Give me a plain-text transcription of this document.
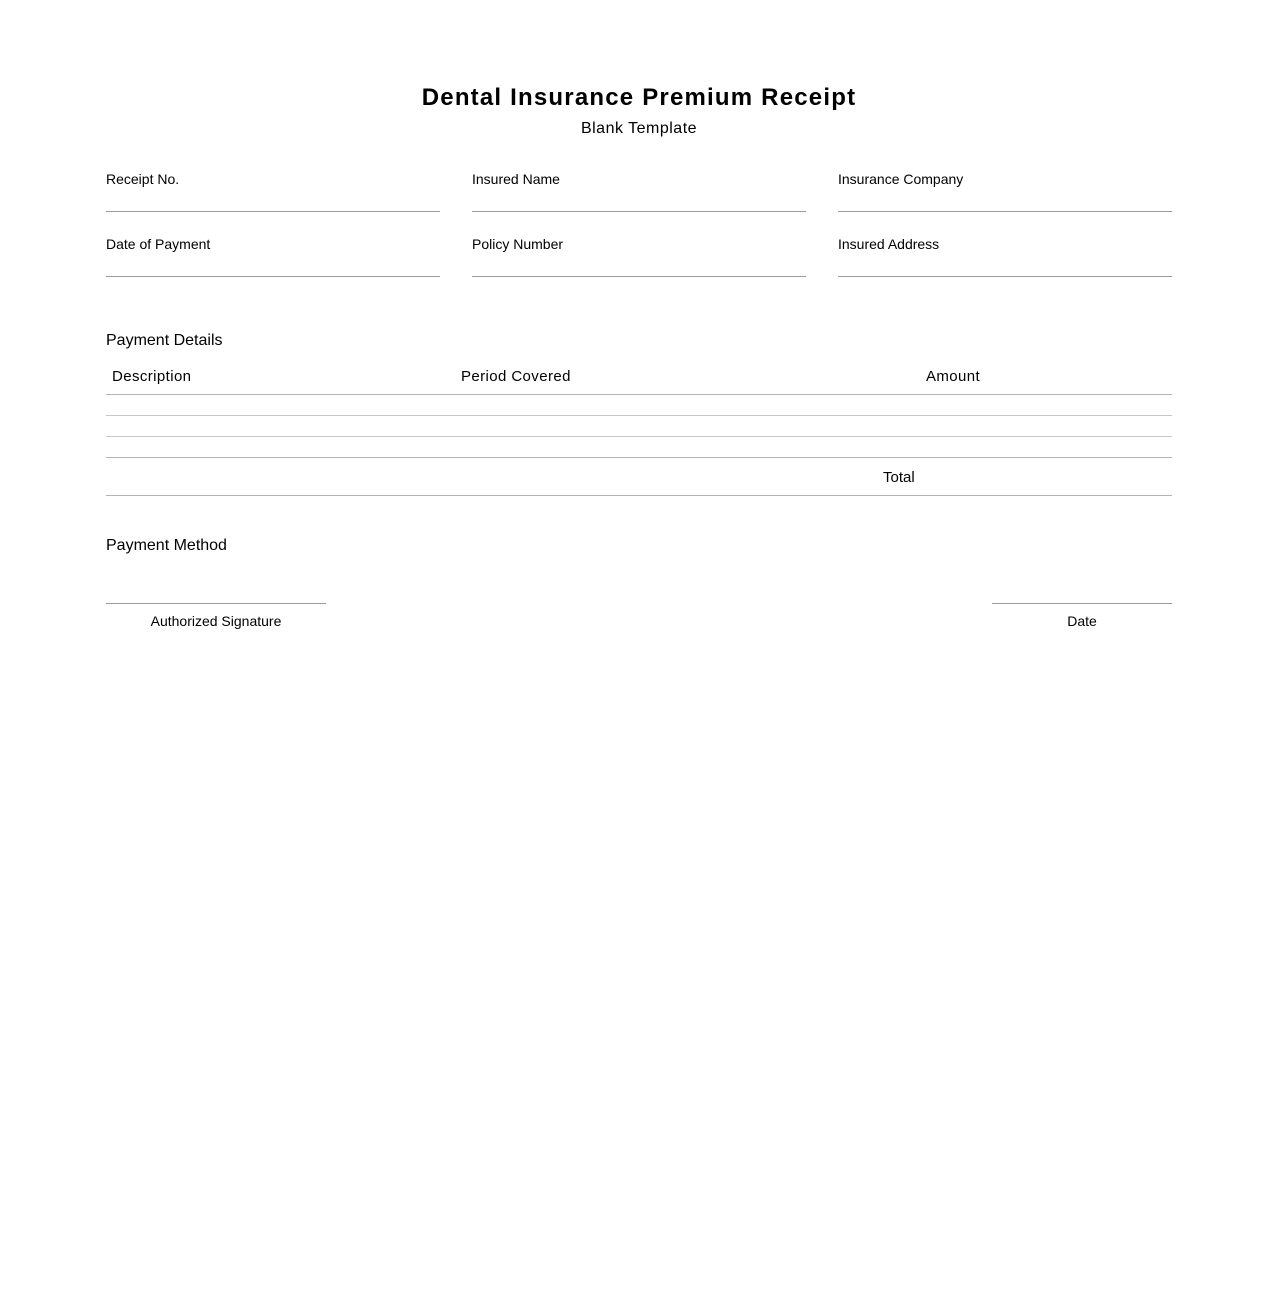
Dental Insurance Premium Receipt
Blank Template
Receipt No.	Insured Name	Insurance Company
Date of Payment	Policy Number	Insured Address
Payment Details
Description	Period Covered	Amount
Total
Payment Method
Authorized Signature	Date
